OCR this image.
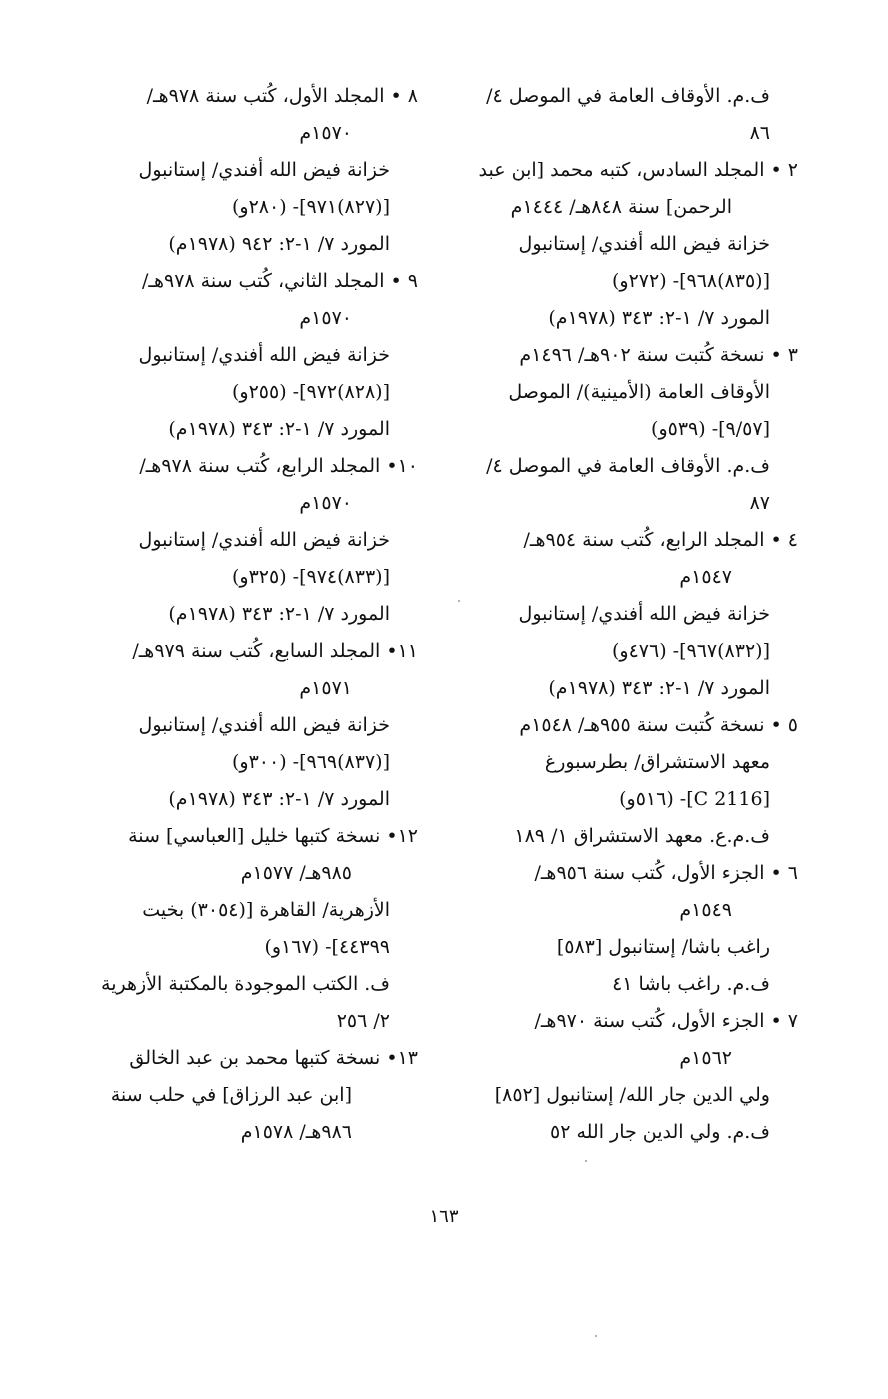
ف.م. الأوقاف العامة في الموصل ٤/
٨٦
٢ • المجلد السادس، كتبه محمد [ابن عبد
الرحمن] سنة ٨٤٨هـ/ ١٤٤٤م
خزانة فيض الله أفندي/ إستانبول
[(٨٣٥)٩٦٨]- (٢٧٢و)
المورد ٧/ ١-٢: ٣٤٣ (١٩٧٨م)
٣ • نسخة كُتبت سنة ٩٠٢هـ/ ١٤٩٦م
الأوقاف العامة (الأمينية)/ الموصل
[٩/٥٧]- (٥٣٩و)
ف.م. الأوقاف العامة في الموصل ٤/
٨٧
٤ • المجلد الرابع، كُتب سنة ٩٥٤هـ/
١٥٤٧م
خزانة فيض الله أفندي/ إستانبول
[(٨٣٢)٩٦٧]- (٤٧٦و)
المورد ٧/ ١-٢: ٣٤٣ (١٩٧٨م)
٥ • نسخة كُتبت سنة ٩٥٥هـ/ ١٥٤٨م
معهد الاستشراق/ بطرسبورغ
[C 2116]- (٥١٦و)
ف.م.ع. معهد الاستشراق ١/ ١٨٩
٦ • الجزء الأول، كُتب سنة ٩٥٦هـ/
١٥٤٩م
راغب باشا/ إستانبول [٥٨٣]
ف.م. راغب باشا ٤١
٧ • الجزء الأول، كُتب سنة ٩٧٠هـ/
١٥٦٢م
ولي الدين جار الله/ إستانبول [٨٥٢]
ف.م. ولي الدين جار الله ٥٢
٨ • المجلد الأول، كُتب سنة ٩٧٨هـ/
١٥٧٠م
خزانة فيض الله أفندي/ إستانبول
[(٨٢٧)٩٧١]- (٢٨٠و)
المورد ٧/ ١-٢: ٩٤٢ (١٩٧٨م)
٩ • المجلد الثاني، كُتب سنة ٩٧٨هـ/
١٥٧٠م
خزانة فيض الله أفندي/ إستانبول
[(٨٢٨)٩٧٢]- (٢٥٥و)
المورد ٧/ ١-٢: ٣٤٣ (١٩٧٨م)
١٠• المجلد الرابع، كُتب سنة ٩٧٨هـ/
١٥٧٠م
خزانة فيض الله أفندي/ إستانبول
[(٨٣٣)٩٧٤]- (٣٢٥و)
المورد ٧/ ١-٢: ٣٤٣ (١٩٧٨م)
١١• المجلد السابع، كُتب سنة ٩٧٩هـ/
١٥٧١م
خزانة فيض الله أفندي/ إستانبول
[(٨٣٧)٩٦٩]- (٣٠٠و)
المورد ٧/ ١-٢: ٣٤٣ (١٩٧٨م)
١٢• نسخة كتبها خليل [العباسي] سنة
٩٨٥هـ/ ١٥٧٧م
الأزهرية/ القاهرة [(٣٠٥٤) بخيت
٤٤٣٩٩]- (١٦٧و)
ف. الكتب الموجودة بالمكتبة الأزهرية
٢/ ٢٥٦
١٣• نسخة كتبها محمد بن عبد الخالق
[ابن عبد الرزاق] في حلب سنة
٩٨٦هـ/ ١٥٧٨م
١٦٣
